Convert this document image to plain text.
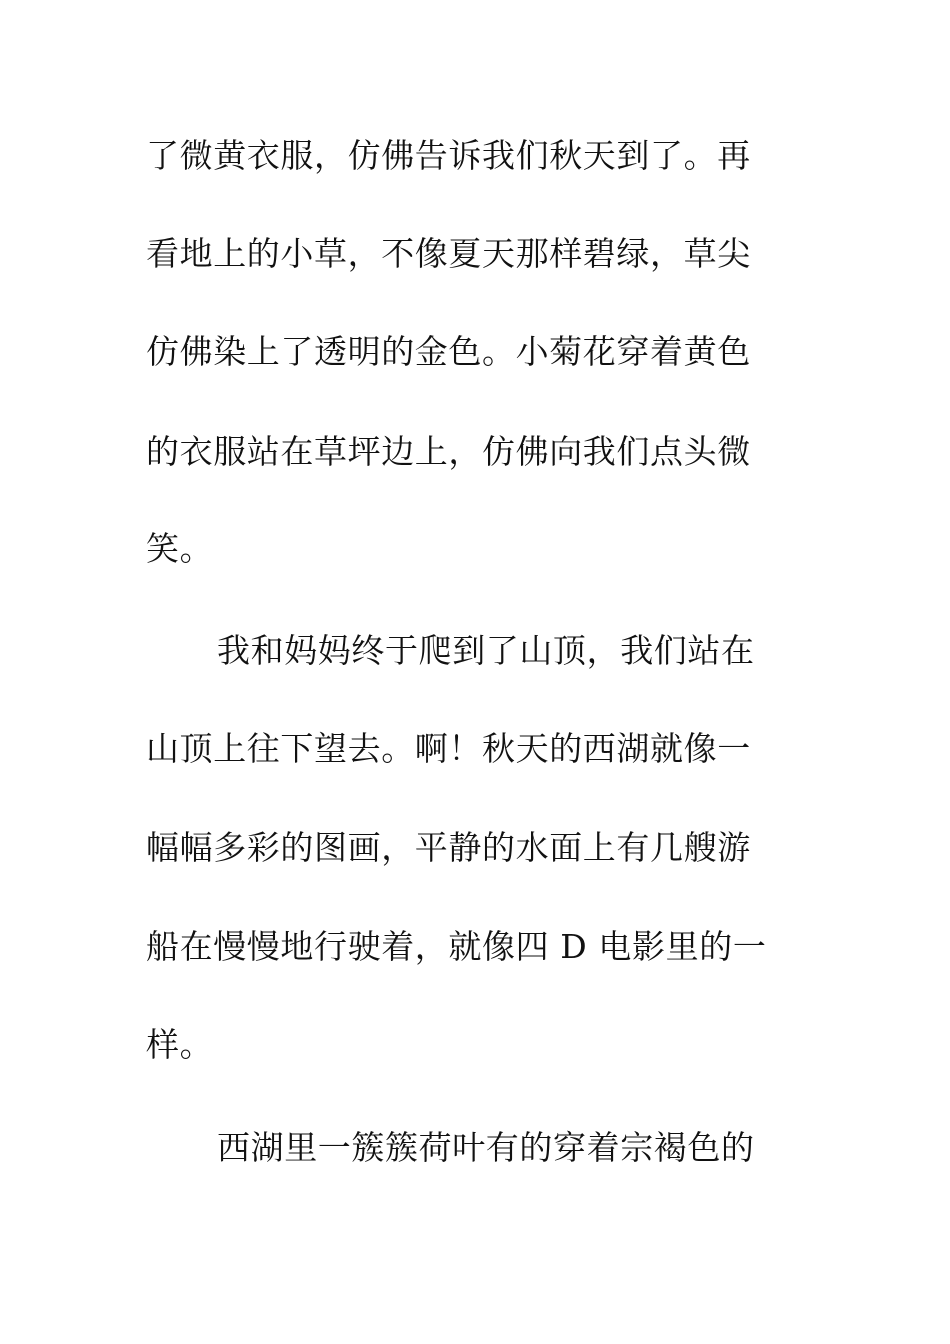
了微黄衣服，仿佛告诉我们秋天到了。再
看地上的小草，不像夏天那样碧绿，草尖
仿佛染上了透明的金色。小菊花穿着黄色
的衣服站在草坪边上，仿佛向我们点头微
笑。
我和妈妈终于爬到了山顶，我们站在
山顶上往下望去。啊！秋天的西湖就像一
幅幅多彩的图画，平静的水面上有几艘游
船在慢慢地行驶着，就像四 D 电影里的一
样。
西湖里一簇簇荷叶有的穿着宗褐色的
